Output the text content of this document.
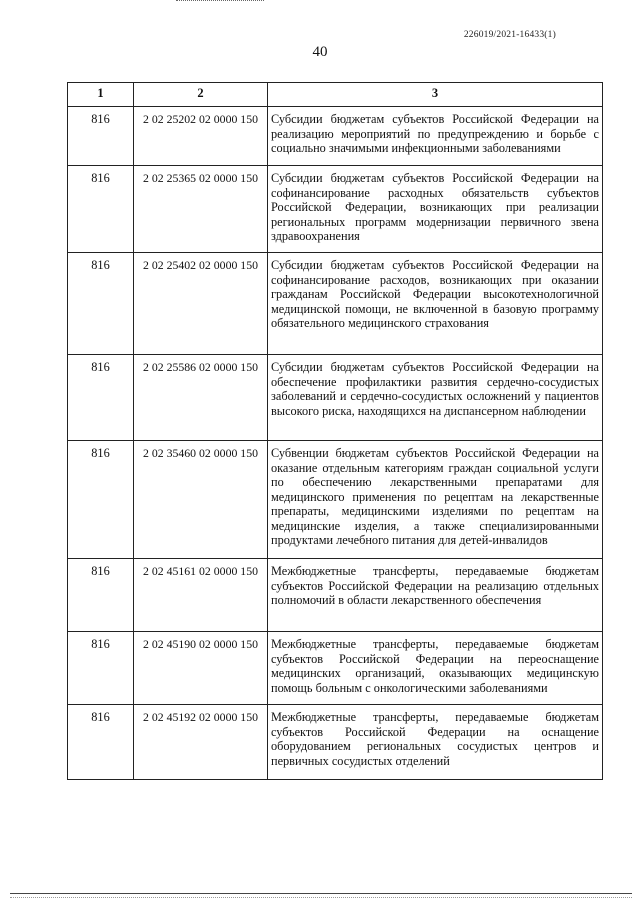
226019/2021-16433(1)
40
1	2	3
816	2 02 25202 02 0000 150	Субсидии бюджетам субъектов Российской Федерации на реализацию мероприятий по предупреждению и борьбе с социально значимыми инфекционными заболеваниями
816	2 02 25365 02 0000 150	Субсидии бюджетам субъектов Российской Федерации на софинансирование расходных обязательств субъектов Российской Федерации, возникающих при реализации региональных программ модернизации первичного звена здравоохранения
816	2 02 25402 02 0000 150	Субсидии бюджетам субъектов Российской Федерации на софинансирование расходов, возникающих при оказании гражданам Российской Федерации высокотехнологичной медицинской помощи, не включенной в базовую программу обязательного медицинского страхования
816	2 02 25586 02 0000 150	Субсидии бюджетам субъектов Российской Федерации на обеспечение профилактики развития сердечно-сосудистых заболеваний и сердечно-сосудистых осложнений у пациентов высокого риска, находящихся на диспансерном наблюдении
816	2 02 35460 02 0000 150	Субвенции бюджетам субъектов Российской Федерации на оказание отдельным категориям граждан социальной услуги по обеспечению лекарственными препаратами для медицинского применения по рецептам на лекарственные препараты, медицинскими изделиями по рецептам на медицинские изделия, а также специализированными продуктами лечебного питания для детей-инвалидов
816	2 02 45161 02 0000 150	Межбюджетные трансферты, передаваемые бюджетам субъектов Российской Федерации на реализацию отдельных полномочий в области лекарственного обеспечения
816	2 02 45190 02 0000 150	Межбюджетные трансферты, передаваемые бюджетам субъектов Российской Федерации на переоснащение медицинских организаций, оказывающих медицинскую помощь больным с онкологическими заболеваниями
816	2 02 45192 02 0000 150	Межбюджетные трансферты, передаваемые бюджетам субъектов Российской Федерации на оснащение оборудованием региональных сосудистых центров и первичных сосудистых отделений
